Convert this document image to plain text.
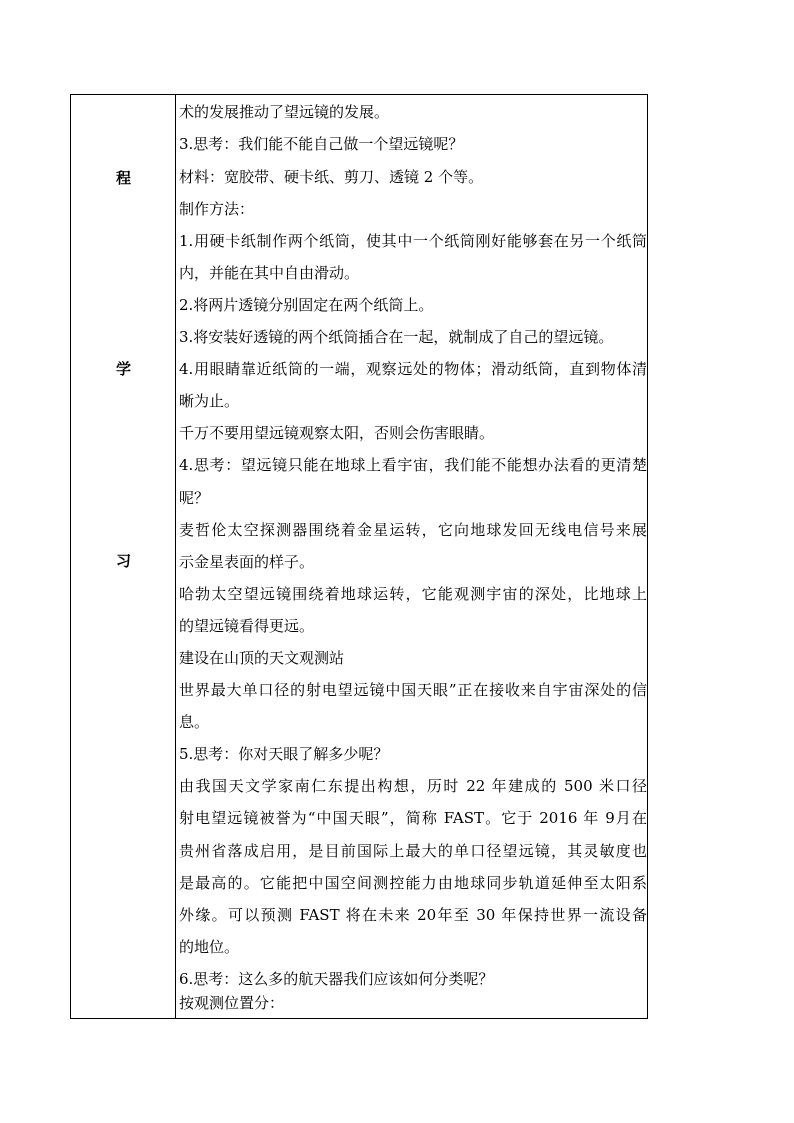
程
学
习
术的发展推动了望远镜的发展。
3.思考：我们能不能自己做一个望远镜呢？
材料：宽胶带、硬卡纸、剪刀、透镜 2 个等。
制作方法：
1.用硬卡纸制作两个纸筒，使其中一个纸筒刚好能够套在另一个纸筒
内，并能在其中自由滑动。
2.将两片透镜分别固定在两个纸筒上。
3.将安装好透镜的两个纸筒插合在一起，就制成了自己的望远镜。
4.用眼睛靠近纸筒的一端，观察远处的物体；滑动纸筒，直到物体清
晰为止。
千万不要用望远镜观察太阳，否则会伤害眼睛。
4.思考：望远镜只能在地球上看宇宙，我们能不能想办法看的更清楚
呢？
麦哲伦太空探测器围绕着金星运转，它向地球发回无线电信号来展
示金星表面的样子。
哈勃太空望远镜围绕着地球运转，它能观测宇宙的深处，比地球上
的望远镜看得更远。
建设在山顶的天文观测站
世界最大单口径的射电望远镜中国天眼”正在接收来自宇宙深处的信
息。
5.思考：你对天眼了解多少呢？
由我国天文学家南仁东提出构想，历时 22 年建成的 500 米口径
射电望远镜被誉为“中国天眼”，简称 FAST。它于 2016 年 9月在
贵州省落成启用，是目前国际上最大的单口径望远镜，其灵敏度也
是最高的。它能把中国空间测控能力由地球同步轨道延伸至太阳系
外缘。可以预测 FAST 将在未来 20年至 30 年保持世界一流设备
的地位。
6.思考：这么多的航天器我们应该如何分类呢？
按观测位置分：
